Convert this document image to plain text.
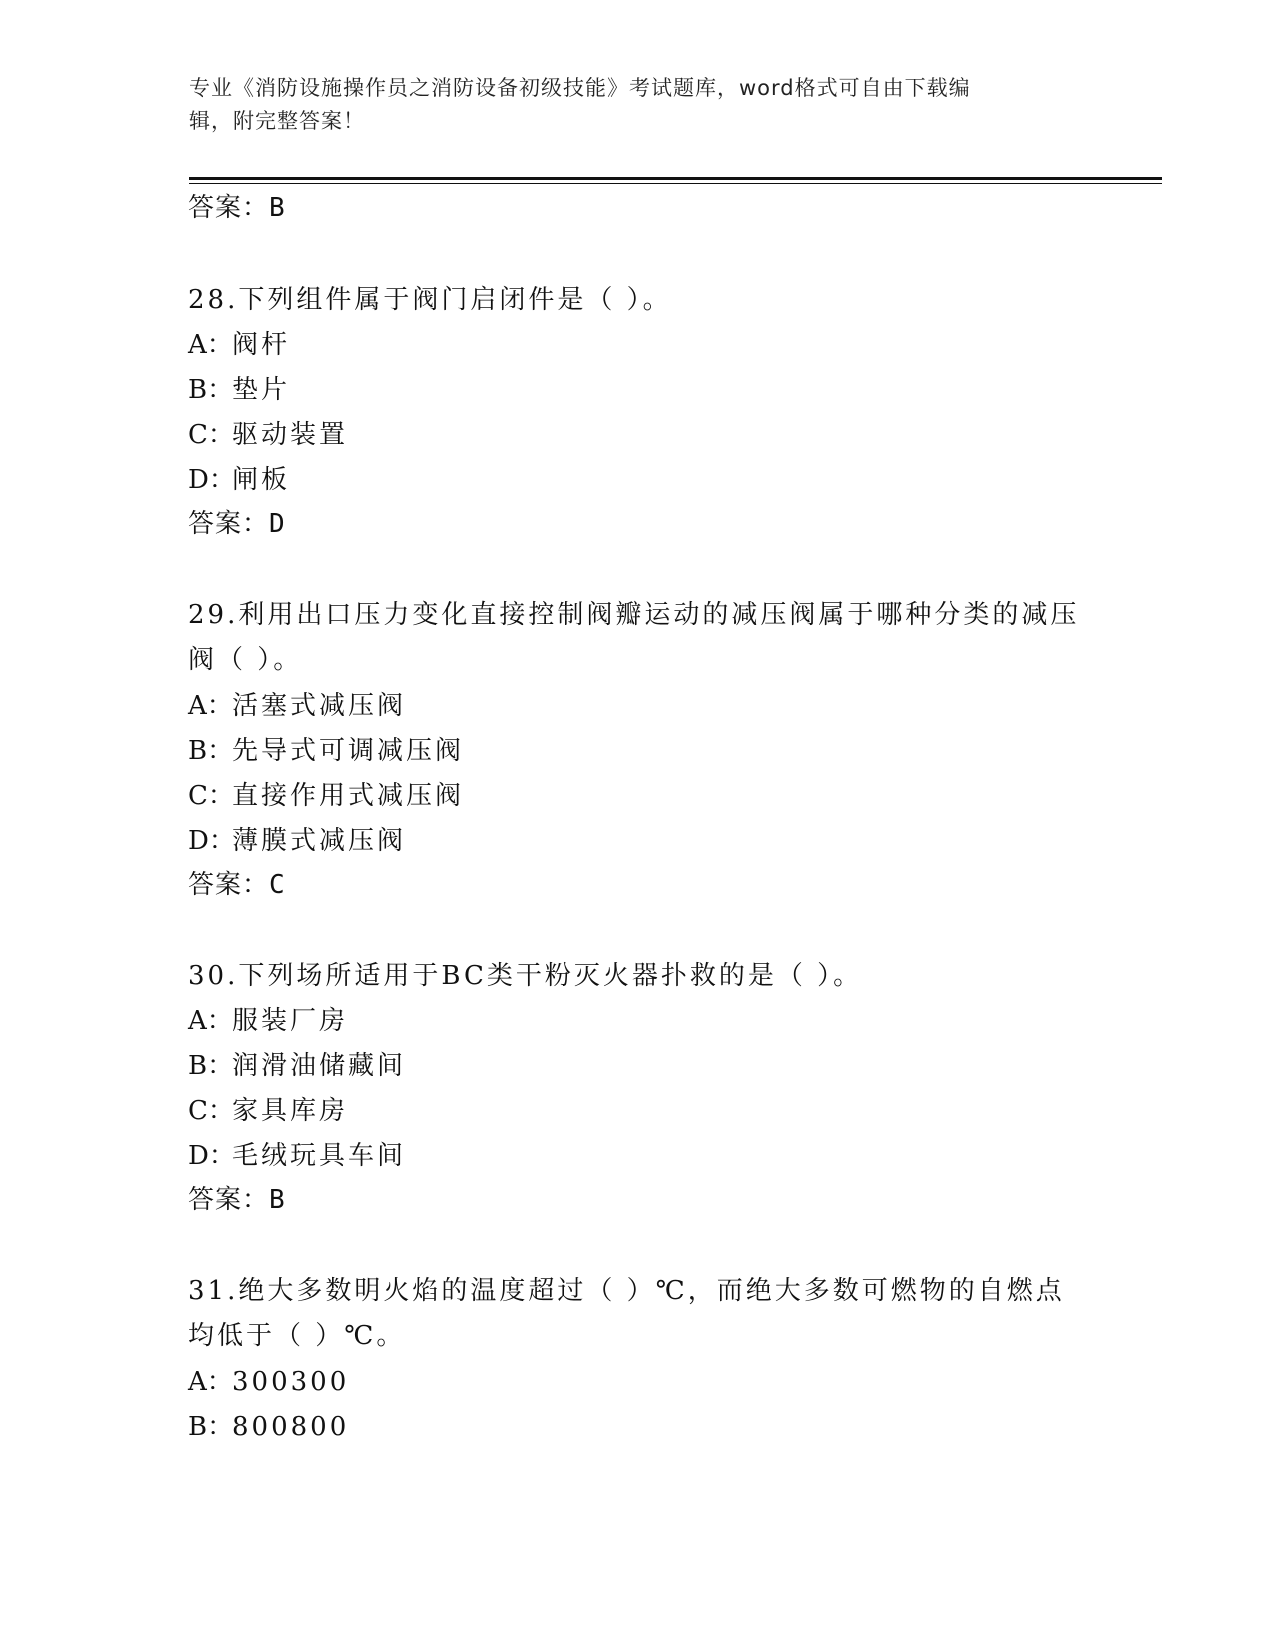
专业《消防设施操作员之消防设备初级技能》考试题库，word格式可自由下载编
辑，附完整答案！
答案：B
28.下列组件属于阀门启闭件是（ ）。
A：阀杆
B：垫片
C：驱动装置
D：闸板
答案：D
29.利用出口压力变化直接控制阀瓣运动的减压阀属于哪种分类的减压
阀（ ）。
A：活塞式减压阀
B：先导式可调减压阀
C：直接作用式减压阀
D：薄膜式减压阀
答案：C
30.下列场所适用于BC类干粉灭火器扑救的是（ ）。
A：服装厂房
B：润滑油储藏间
C：家具库房
D：毛绒玩具车间
答案：B
31.绝大多数明火焰的温度超过（ ）℃，而绝大多数可燃物的自燃点
均低于（ ）℃。
A：300300
B：800800
